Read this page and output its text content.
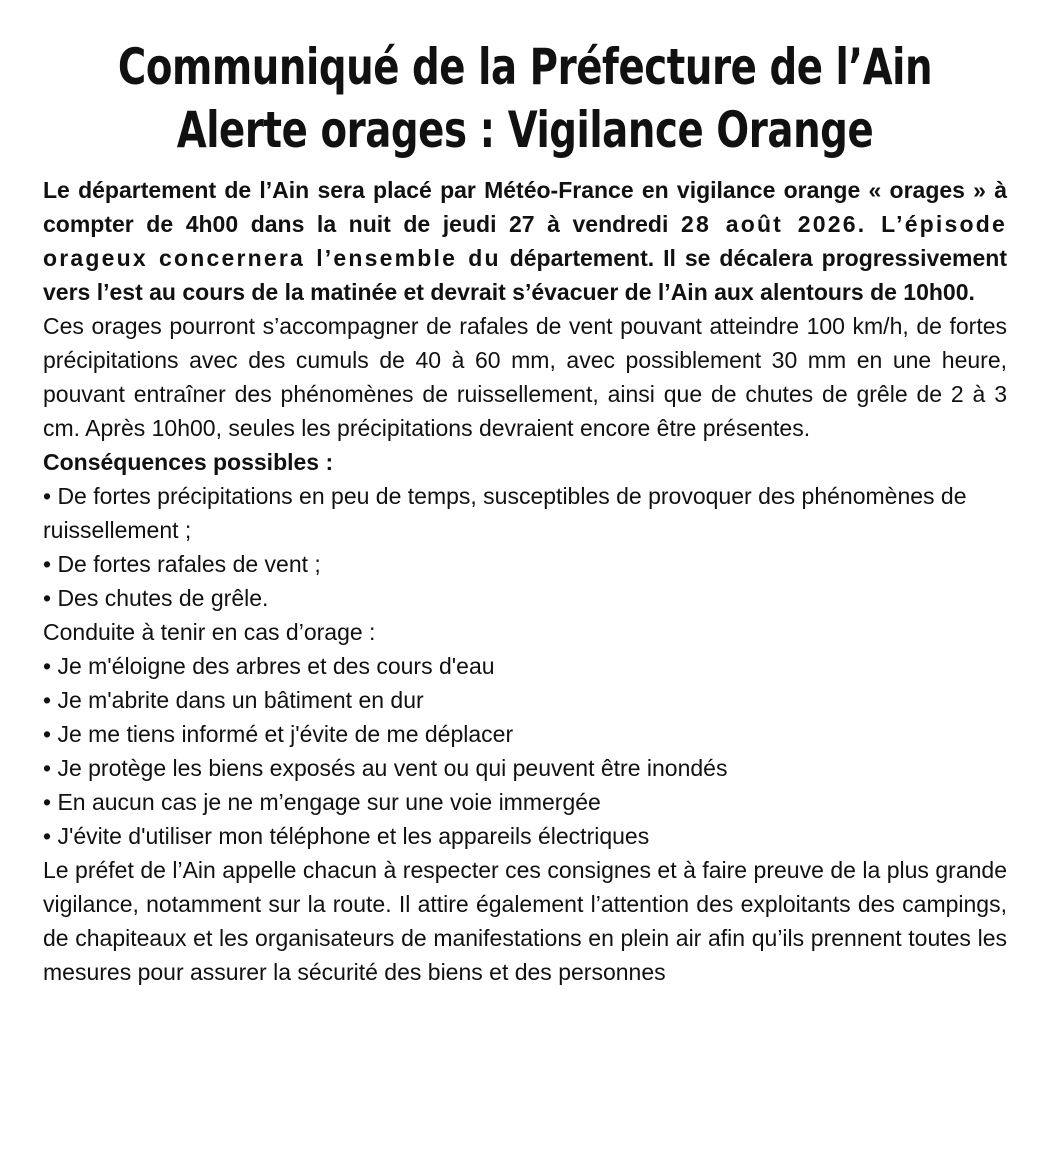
Communiqué de la Préfecture de l’Ain
Alerte orages : Vigilance Orange

Le département de l’Ain sera placé par Météo-France en vigilance orange « orages » à compter de 4h00 dans la nuit de jeudi 27 à vendredi 28 août 2026. L’épisode orageux concernera l’ensemble du département. Il se décalera progressivement vers l’est au cours de la matinée et devrait s’évacuer de l’Ain aux alentours de 10h00.

Ces orages pourront s’accompagner de rafales de vent pouvant atteindre 100 km/h, de fortes précipitations avec des cumuls de 40 à 60 mm, avec possiblement 30 mm en une heure, pouvant entraîner des phénomènes de ruissellement, ainsi que de chutes de grêle de 2 à 3 cm. Après 10h00, seules les précipitations devraient encore être présentes.

Conséquences possibles :

• De fortes précipitations en peu de temps, susceptibles de provoquer des phénomènes de

ruissellement ;

• De fortes rafales de vent ;

• Des chutes de grêle.

Conduite à tenir en cas d’orage :

• Je m'éloigne des arbres et des cours d'eau

• Je m'abrite dans un bâtiment en dur

• Je me tiens informé et j'évite de me déplacer

• Je protège les biens exposés au vent ou qui peuvent être inondés

• En aucun cas je ne m’engage sur une voie immergée

• J'évite d'utiliser mon téléphone et les appareils électriques

Le préfet de l’Ain appelle chacun à respecter ces consignes et à faire preuve de la plus grande vigilance, notamment sur la route. Il attire également l’attention des exploitants des campings, de chapiteaux et les organisateurs de manifestations en plein air afin qu’ils prennent toutes les mesures pour assurer la sécurité des biens et des personnes
